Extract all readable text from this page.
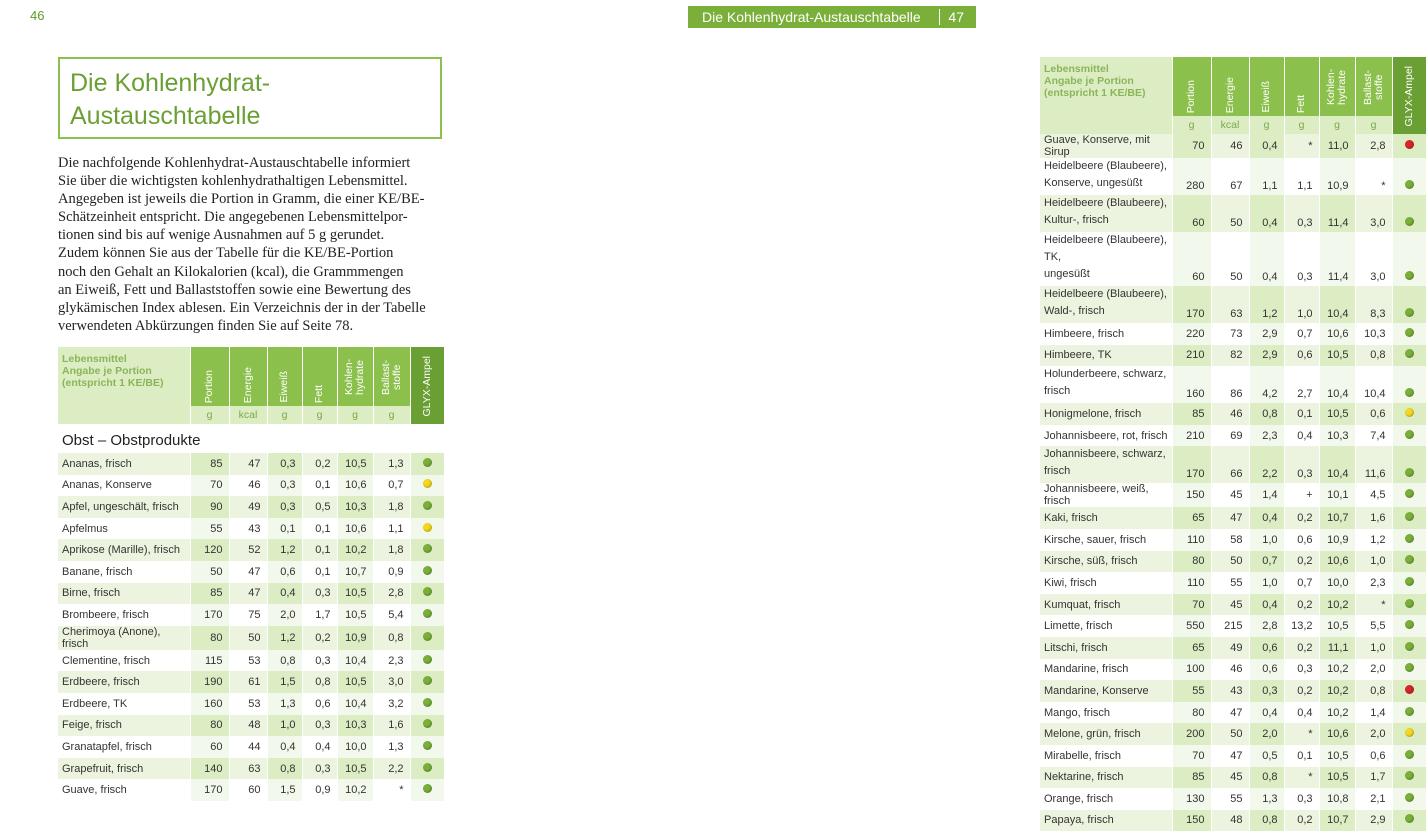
46
Die Kohlenhydrat-
Austauschtabelle
Die nachfolgende Kohlenhydrat-Austauschtabelle informiert
Sie über die wichtigsten kohlenhydrathaltigen Lebensmittel.
Angegeben ist jeweils die Portion in Gramm, die einer KE/BE-
Schätzeinheit entspricht. Die angegebenen Lebensmittelpor-
tionen sind bis auf wenige Ausnahmen auf 5 g gerundet.
Zudem können Sie aus der Tabelle für die KE/BE-Portion
noch den Gehalt an Kilokalorien (kcal), die Grammmengen
an Eiweiß, Fett und Ballaststoffen sowie eine Bewertung des
glykämischen Index ablesen. Ein Verzeichnis der in der Tabelle
verwendeten Abkürzungen finden Sie auf Seite 78.
Lebensmittel
Angabe je Portion
(entspricht 1 KE/BE)	Portion	Energie	Eiweiß	Fett	Kohlen- hydrate	Ballast- stoffe	GLYX-Ampel
	g	kcal	g	g	g	g	
Obst – Obstprodukte							
Ananas, frisch	85	47	0,3	0,2	10,5	1,3	
Ananas, Konserve	70	46	0,3	0,1	10,6	0,7	
Apfel, ungeschält, frisch	90	49	0,3	0,5	10,3	1,8	
Apfelmus	55	43	0,1	0,1	10,6	1,1	
Aprikose (Marille), frisch	120	52	1,2	0,1	10,2	1,8	
Banane, frisch	50	47	0,6	0,1	10,7	0,9	
Birne, frisch	85	47	0,4	0,3	10,5	2,8	
Brombeere, frisch	170	75	2,0	1,7	10,5	5,4	
Cherimoya (Anone), frisch	80	50	1,2	0,2	10,9	0,8	
Clementine, frisch	115	53	0,8	0,3	10,4	2,3	
Erdbeere, frisch	190	61	1,5	0,8	10,5	3,0	
Erdbeere, TK	160	53	1,3	0,6	10,4	3,2	
Feige, frisch	80	48	1,0	0,3	10,3	1,6	
Granatapfel, frisch	60	44	0,4	0,4	10,0	1,3	
Grapefruit, frisch	140	63	0,8	0,3	10,5	2,2	
Guave, frisch	170	60	1,5	0,9	10,2	*	
Die Kohlenhydrat-Austauschtabelle	47
Lebensmittel
Angabe je Portion
(entspricht 1 KE/BE)	Portion	Energie	Eiweiß	Fett	Kohlen- hydrate	Ballast- stoffe	GLYX-Ampel
	g	kcal	g	g	g	g	
Guave, Konserve, mit Sirup	70	46	0,4	*	11,0	2,8	
Heidelbeere (Blaubeere),
Konserve, ungesüßt	280	67	1,1	1,1	10,9	*	
Heidelbeere (Blaubeere),
Kultur-, frisch	60	50	0,4	0,3	11,4	3,0	
Heidelbeere (Blaubeere), TK,
ungesüßt	60	50	0,4	0,3	11,4	3,0	
Heidelbeere (Blaubeere),
Wald-, frisch	170	63	1,2	1,0	10,4	8,3	
Himbeere, frisch	220	73	2,9	0,7	10,6	10,3	
Himbeere, TK	210	82	2,9	0,6	10,5	0,8	
Holunderbeere, schwarz,
frisch	160	86	4,2	2,7	10,4	10,4	
Honigmelone, frisch	85	46	0,8	0,1	10,5	0,6	
Johannisbeere, rot, frisch	210	69	2,3	0,4	10,3	7,4	
Johannisbeere, schwarz,
frisch	170	66	2,2	0,3	10,4	11,6	
Johannisbeere, weiß, frisch	150	45	1,4	+	10,1	4,5	
Kaki, frisch	65	47	0,4	0,2	10,7	1,6	
Kirsche, sauer, frisch	110	58	1,0	0,6	10,9	1,2	
Kirsche, süß, frisch	80	50	0,7	0,2	10,6	1,0	
Kiwi, frisch	110	55	1,0	0,7	10,0	2,3	
Kumquat, frisch	70	45	0,4	0,2	10,2	*	
Limette, frisch	550	215	2,8	13,2	10,5	5,5	
Litschi, frisch	65	49	0,6	0,2	11,1	1,0	
Mandarine, frisch	100	46	0,6	0,3	10,2	2,0	
Mandarine, Konserve	55	43	0,3	0,2	10,2	0,8	
Mango, frisch	80	47	0,4	0,4	10,2	1,4	
Melone, grün, frisch	200	50	2,0	*	10,6	2,0	
Mirabelle, frisch	70	47	0,5	0,1	10,5	0,6	
Nektarine, frisch	85	45	0,8	*	10,5	1,7	
Orange, frisch	130	55	1,3	0,3	10,8	2,1	
Papaya, frisch	150	48	0,8	0,2	10,7	2,9	
